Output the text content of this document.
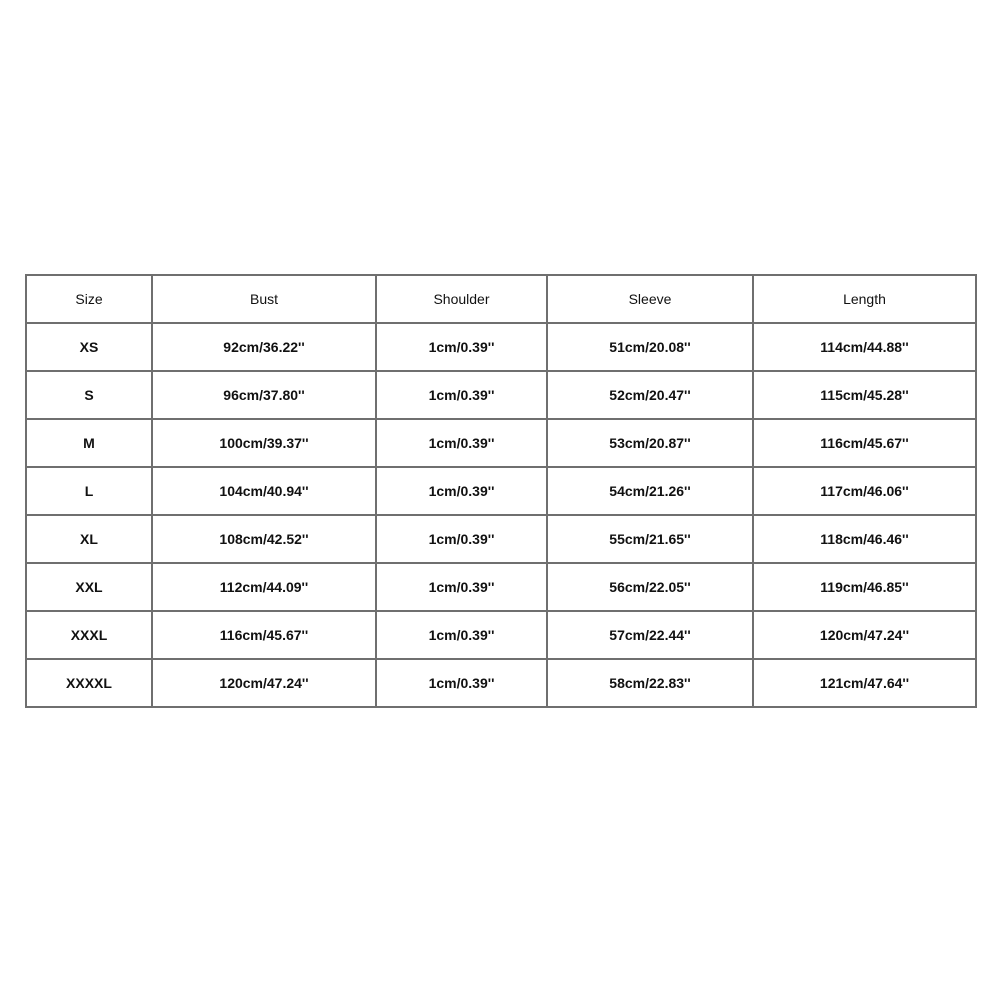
Size	Bust	Shoulder	Sleeve	Length
XS	92cm/36.22''	1cm/0.39''	51cm/20.08''	114cm/44.88''
S	96cm/37.80''	1cm/0.39''	52cm/20.47''	115cm/45.28''
M	100cm/39.37''	1cm/0.39''	53cm/20.87''	116cm/45.67''
L	104cm/40.94''	1cm/0.39''	54cm/21.26''	117cm/46.06''
XL	108cm/42.52''	1cm/0.39''	55cm/21.65''	118cm/46.46''
XXL	112cm/44.09''	1cm/0.39''	56cm/22.05''	119cm/46.85''
XXXL	116cm/45.67''	1cm/0.39''	57cm/22.44''	120cm/47.24''
XXXXL	120cm/47.24''	1cm/0.39''	58cm/22.83''	121cm/47.64''
